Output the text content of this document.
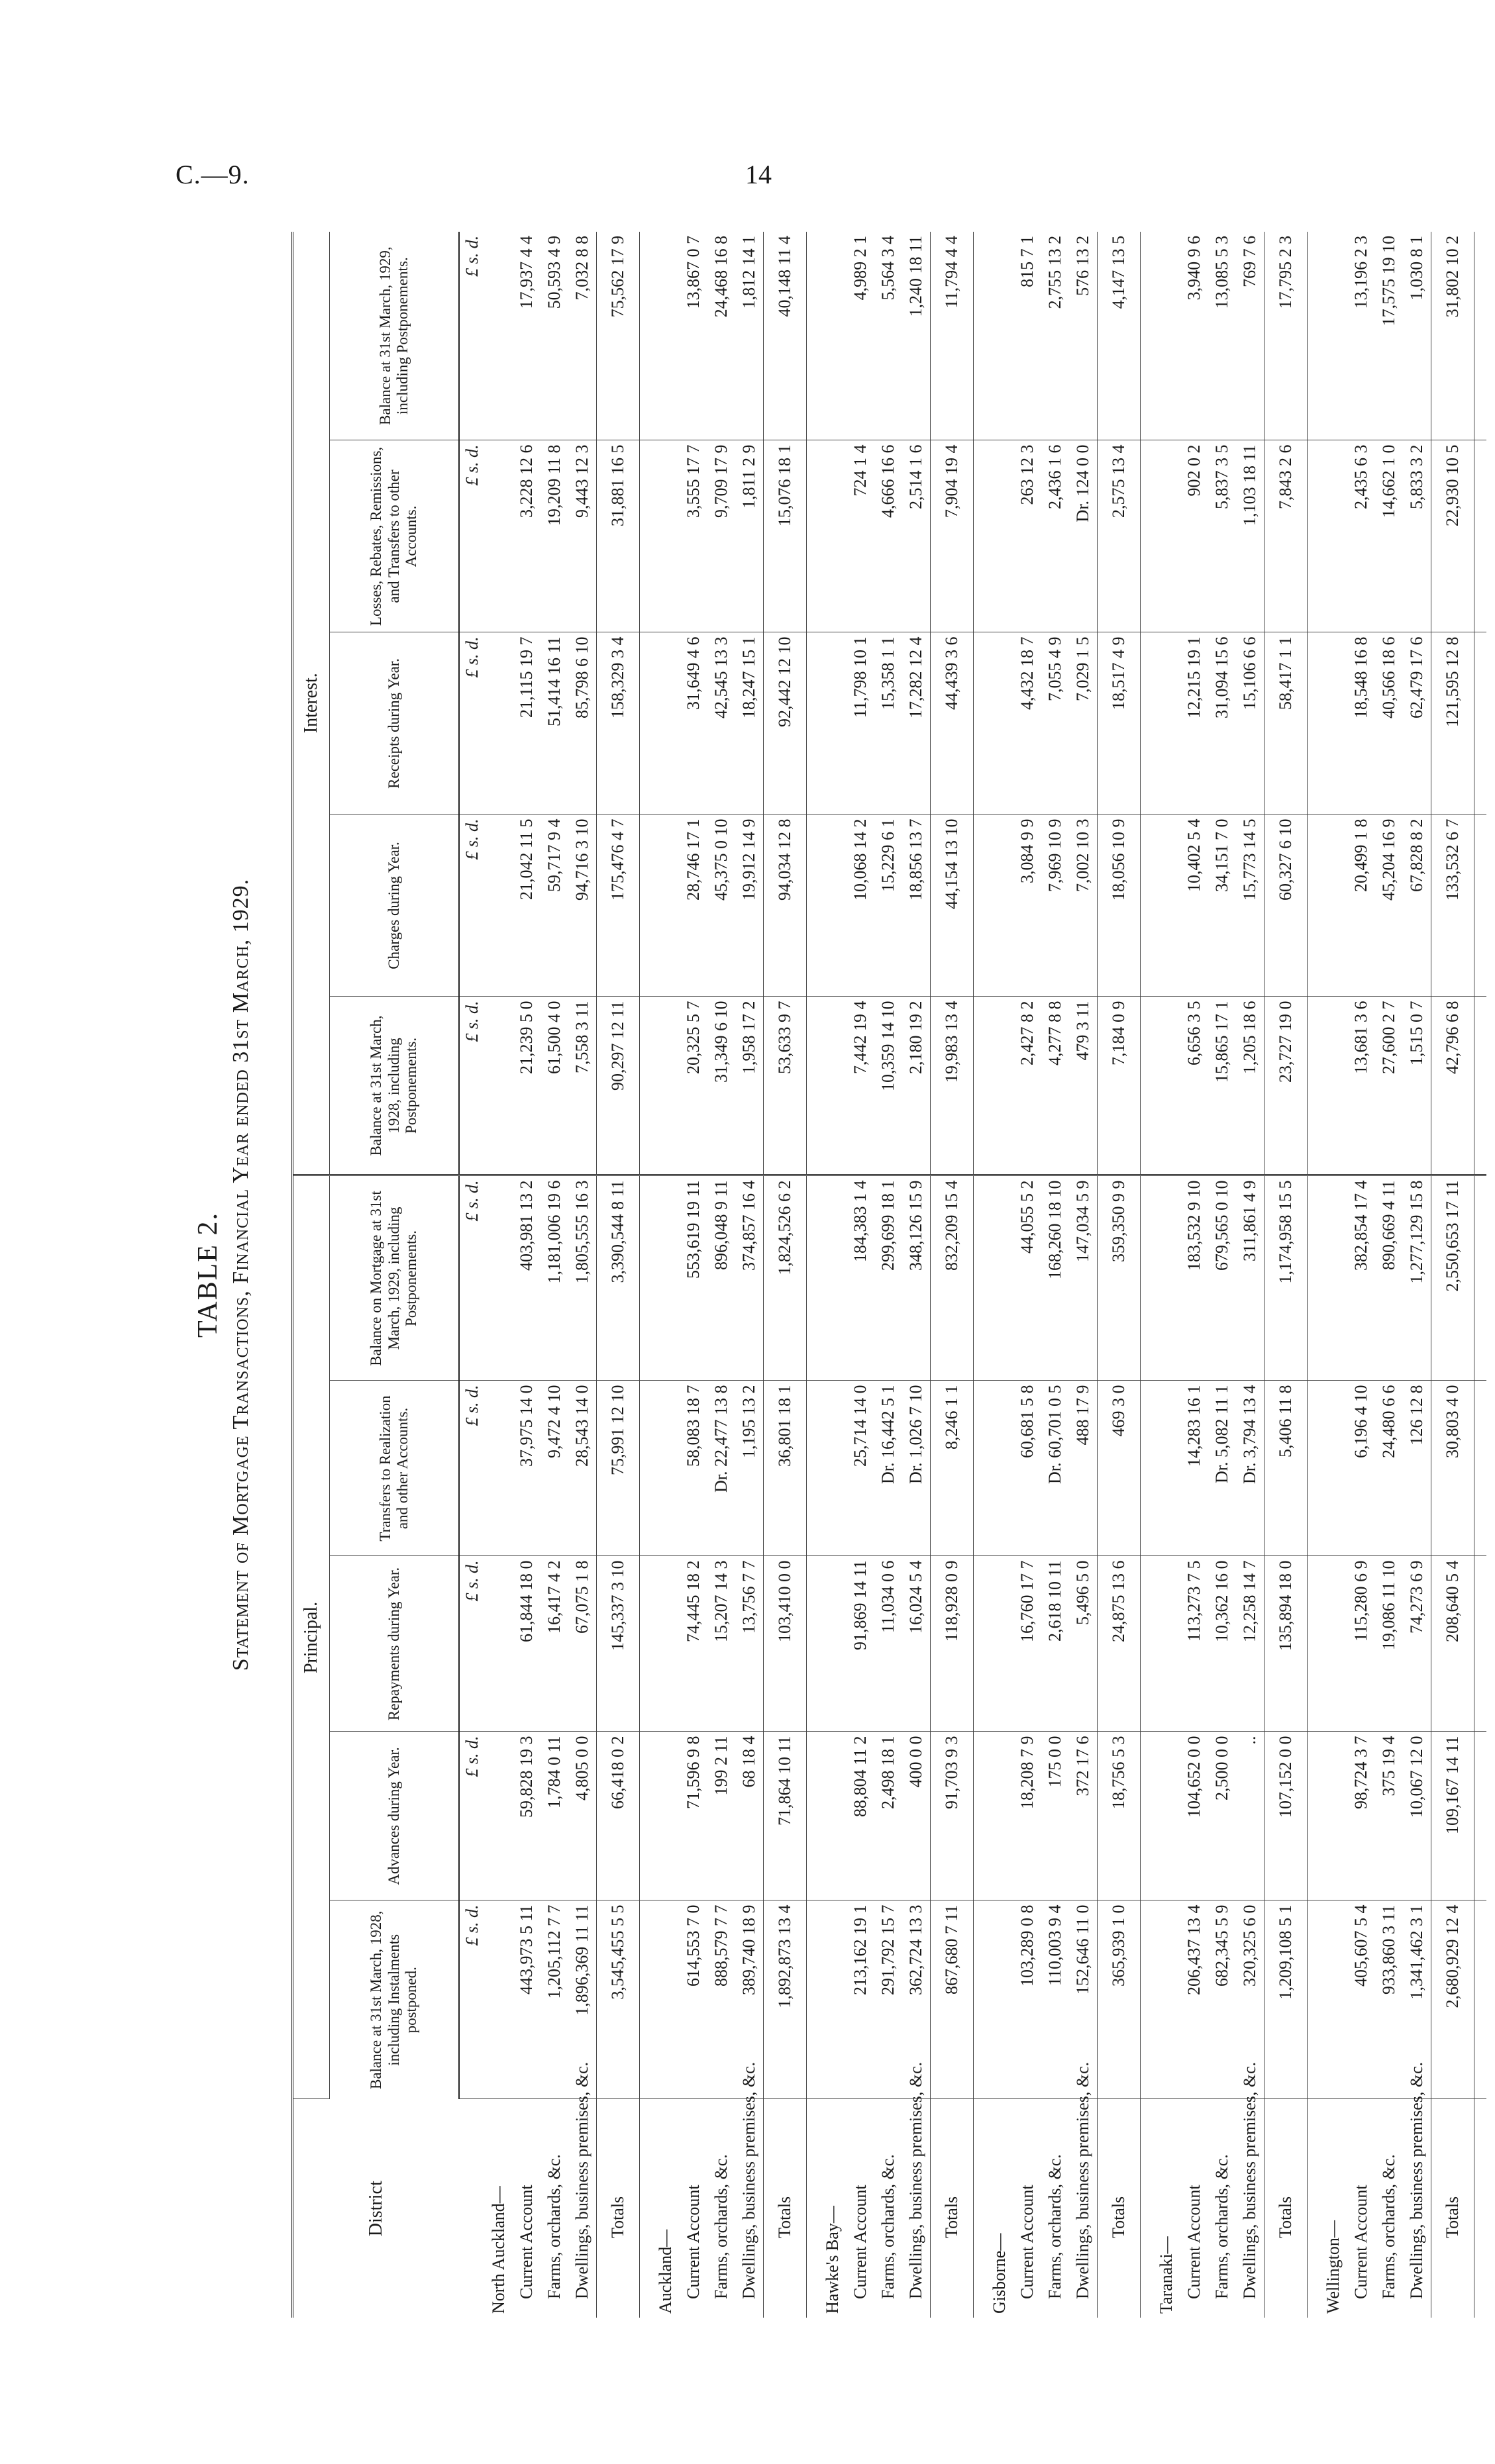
C.—9.	14
TABLE 2. Statement of Mortgage Transactions, Financial Year ended 31st March, 1929.
District	Principal.					Interest.				
	Balance at 31st March, 1928, including Instalments postponed.	Advances during Year.	Repayments during Year.	Transfers to Realization and other Accounts.	Balance on Mortgage at 31st March, 1929, including Postponements.	Balance at 31st March, 1928, including Postponements.	Charges during Year.	Receipts during Year.	Losses, Rebates, Remissions, and Transfers to other Accounts.	Balance at 31st March, 1929, including Postponements.
	£ s. d.	£ s. d.	£ s. d.	£ s. d.	£ s. d.	£ s. d.	£ s. d.	£ s. d.	£ s. d.	£ s. d.
North Auckland—										
Current Account	443,973 5 11	59,828 19 3	61,844 18 0	37,975 14 0	403,981 13 2	21,239 5 0	21,042 11 5	21,115 19 7	3,228 12 6	17,937 4 4
Farms, orchards, &c.	1,205,112 7 7	1,784 0 11	16,417 4 2	9,472 4 10	1,181,006 19 6	61,500 4 0	59,717 9 4	51,414 16 11	19,209 11 8	50,593 4 9
Dwellings, business premises, &c.	1,896,369 11 11	4,805 0 0	67,075 1 8	28,543 14 0	1,805,555 16 3	7,558 3 11	94,716 3 10	85,798 6 10	9,443 12 3	7,032 8 8
Totals	3,545,455 5 5	66,418 0 2	145,337 3 10	75,991 12 10	3,390,544 8 11	90,297 12 11	175,476 4 7	158,329 3 4	31,881 16 5	75,562 17 9

Auckland—										
Current Account	614,553 7 0	71,596 9 8	74,445 18 2	58,083 18 7	553,619 19 11	20,325 5 7	28,746 17 1	31,649 4 6	3,555 17 7	13,867 0 7
Farms, orchards, &c.	888,579 7 7	199 2 11	15,207 14 3	Dr. 22,477 13 8	896,048 9 11	31,349 6 10	45,375 0 10	42,545 13 3	9,709 17 9	24,468 16 8
Dwellings, business premises, &c.	389,740 18 9	68 18 4	13,756 7 7	1,195 13 2	374,857 16 4	1,958 17 2	19,912 14 9	18,247 15 1	1,811 2 9	1,812 14 1
Totals	1,892,873 13 4	71,864 10 11	103,410 0 0	36,801 18 1	1,824,526 6 2	53,633 9 7	94,034 12 8	92,442 12 10	15,076 18 1	40,148 11 4

Hawke's Bay—										
Current Account	213,162 19 1	88,804 11 2	91,869 14 11	25,714 14 0	184,383 1 4	7,442 19 4	10,068 14 2	11,798 10 1	724 1 4	4,989 2 1
Farms, orchards, &c.	291,792 15 7	2,498 18 1	11,034 0 6	Dr. 16,442 5 1	299,699 18 1	10,359 14 10	15,229 6 1	15,358 1 1	4,666 16 6	5,564 3 4
Dwellings, business premises, &c.	362,724 13 3	400 0 0	16,024 5 4	Dr. 1,026 7 10	348,126 15 9	2,180 19 2	18,856 13 7	17,282 12 4	2,514 1 6	1,240 18 11
Totals	867,680 7 11	91,703 9 3	118,928 0 9	8,246 1 1	832,209 15 4	19,983 13 4	44,154 13 10	44,439 3 6	7,904 19 4	11,794 4 4

Gisborne—										
Current Account	103,289 0 8	18,208 7 9	16,760 17 7	60,681 5 8	44,055 5 2	2,427 8 2	3,084 9 9	4,432 18 7	263 12 3	815 7 1
Farms, orchards, &c.	110,003 9 4	175 0 0	2,618 10 11	Dr. 60,701 0 5	168,260 18 10	4,277 8 8	7,969 10 9	7,055 4 9	2,436 1 6	2,755 13 2
Dwellings, business premises, &c.	152,646 11 0	372 17 6	5,496 5 0	488 17 9	147,034 5 9	479 3 11	7,002 10 3	7,029 1 5	Dr. 124 0 0	576 13 2
Totals	365,939 1 0	18,756 5 3	24,875 13 6	469 3 0	359,350 9 9	7,184 0 9	18,056 10 9	18,517 4 9	2,575 13 4	4,147 13 5

Taranaki—										
Current Account	206,437 13 4	104,652 0 0	113,273 7 5	14,283 16 1	183,532 9 10	6,656 3 5	10,402 5 4	12,215 19 1	902 0 2	3,940 9 6
Farms, orchards, &c.	682,345 5 9	2,500 0 0	10,362 16 0	Dr. 5,082 11 1	679,565 0 10	15,865 17 1	34,151 7 0	31,094 15 6	5,837 3 5	13,085 5 3
Dwellings, business premises, &c.	320,325 6 0	..	12,258 14 7	Dr. 3,794 13 4	311,861 4 9	1,205 18 6	15,773 14 5	15,106 6 6	1,103 18 11	769 7 6
Totals	1,209,108 5 1	107,152 0 0	135,894 18 0	5,406 11 8	1,174,958 15 5	23,727 19 0	60,327 6 10	58,417 1 1	7,843 2 6	17,795 2 3

Wellington—										
Current Account	405,607 5 4	98,724 3 7	115,280 6 9	6,196 4 10	382,854 17 4	13,681 3 6	20,499 1 8	18,548 16 8	2,435 6 3	13,196 2 3
Farms, orchards, &c.	933,860 3 11	375 19 4	19,086 11 10	24,480 6 6	890,669 4 11	27,600 2 7	45,204 16 9	40,566 18 6	14,662 1 0	17,575 19 10
Dwellings, business premises, &c.	1,341,462 3 1	10,067 12 0	74,273 6 9	126 12 8	1,277,129 15 8	1,515 0 7	67,828 8 2	62,479 17 6	5,833 3 2	1,030 8 1
Totals	2,680,929 12 4	109,167 14 11	208,640 5 4	30,803 4 0	2,550,653 17 11	42,796 6 8	133,532 6 7	121,595 12 8	22,930 10 5	31,802 10 2
